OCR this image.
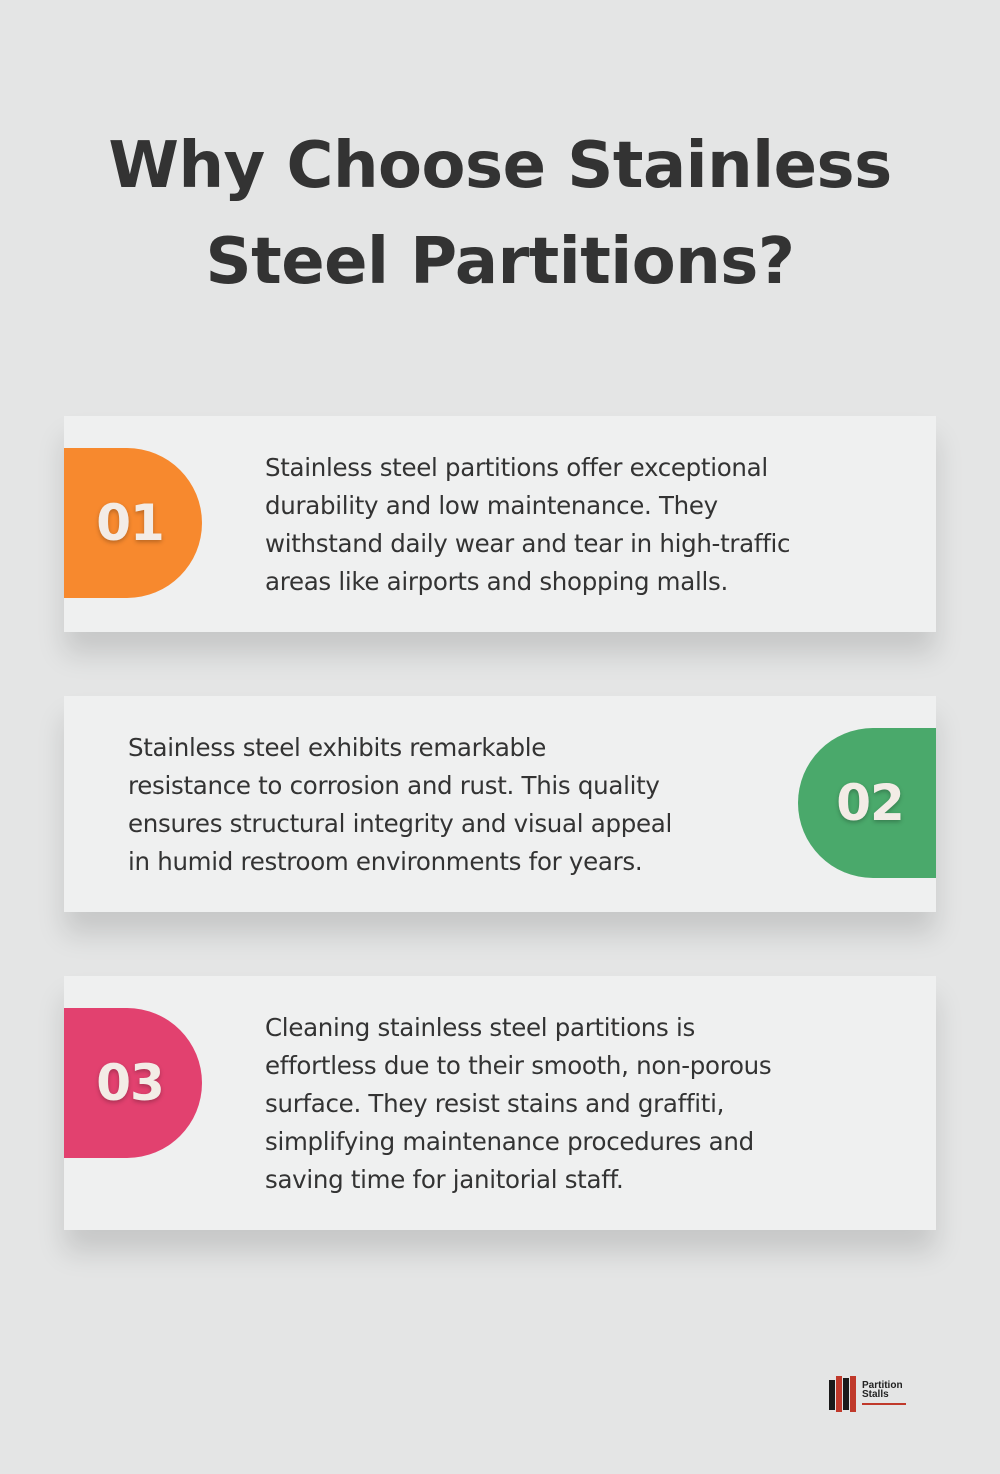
Why Choose Stainless
Steel Partitions?
01
Stainless steel partitions offer exceptional
durability and low maintenance. They
withstand daily wear and tear in high-traffic
areas like airports and shopping malls.
Stainless steel exhibits remarkable
resistance to corrosion and rust. This quality
ensures structural integrity and visual appeal
in humid restroom environments for years.
02
03
Cleaning stainless steel partitions is
effortless due to their smooth, non-porous
surface. They resist stains and graffiti,
simplifying maintenance procedures and
saving time for janitorial staff.
Partition
Stalls
